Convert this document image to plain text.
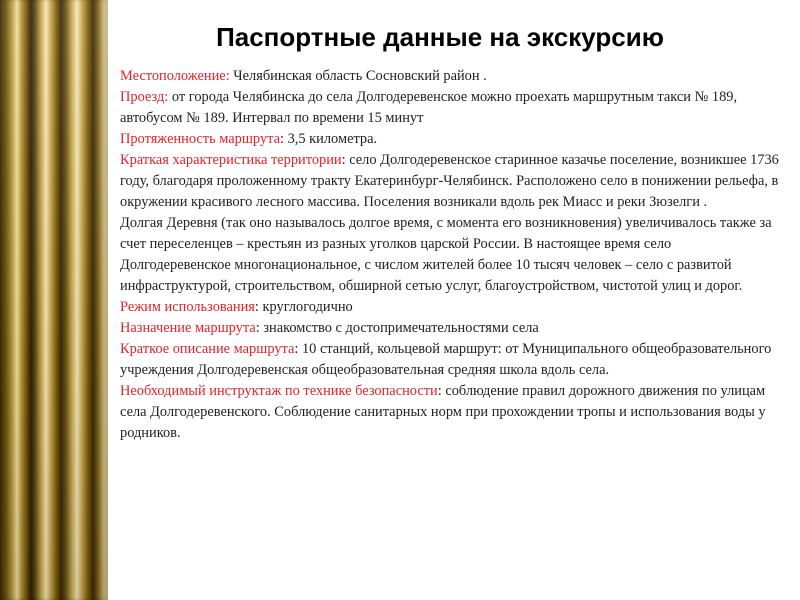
Паспортные данные на экскурсию

Местоположение: Челябинская область Сосновский район .

Проезд: от города Челябинска до села Долгодеревенское можно проехать маршрутным такси № 189, автобусом № 189. Интервал по времени 15 минут

Протяженность маршрута: 3,5 километра.

Краткая характеристика территории: село Долгодеревенское старинное казачье поселение, возникшее 1736 году, благодаря проложенному тракту Екатеринбург-Челябинск. Расположено село в понижении рельефа, в окружении красивого лесного массива. Поселения возникали вдоль рек Миасс и реки Зюзелги .

Долгая Деревня (так оно называлось долгое время, с момента его возникновения) увеличивалось также за счет переселенцев – крестьян из разных уголков царской России. В настоящее время село Долгодеревенское многонациональное, с числом жителей более 10 тысяч человек – село с развитой инфраструктурой, строительством, обширной сетью услуг, благоустройством, чистотой улиц и дорог.

Режим использования: круглогодично

Назначение маршрута: знакомство с достопримечательностями села

Краткое описание маршрута: 10 станций, кольцевой маршрут: от Муниципального общеобразовательного учреждения Долгодеревенская общеобразовательная средняя школа вдоль села.

Необходимый инструктаж по технике безопасности: соблюдение правил дорожного движения по улицам села Долгодеревенского. Соблюдение санитарных норм при прохождении тропы и использования воды у родников.
